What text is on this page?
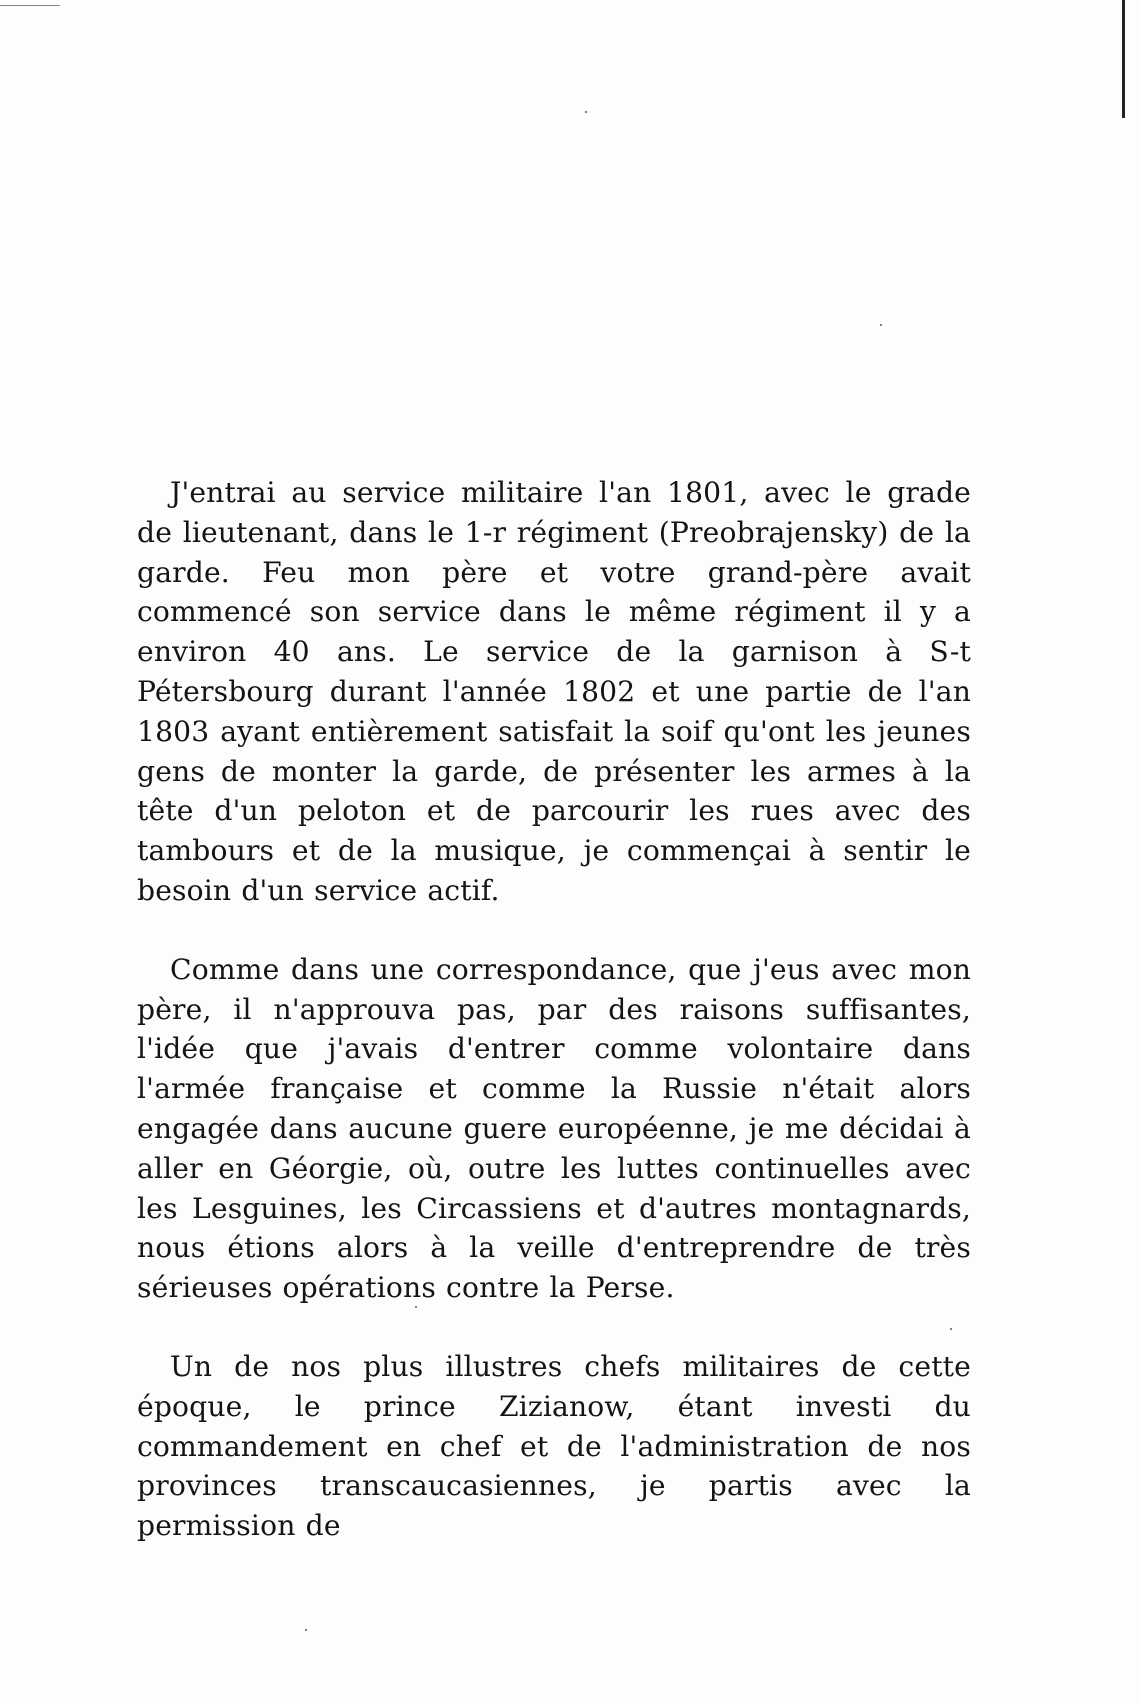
J'entrai au service militaire l'an 1801, avec le grade de lieutenant, dans le 1-r régiment (Preobrajensky) de la garde. Feu mon père et votre grand-père avait commencé son service dans le même régiment il y a environ 40 ans. Le service de la garnison à S-t Pétersbourg durant l'année 1802 et une partie de l'an 1803 ayant entièrement satisfait la soif qu'ont les jeunes gens de monter la garde, de présenter les armes à la tête d'un peloton et de parcourir les rues avec des tambours et de la musique, je commençai à sentir le besoin d'un service actif.

Comme dans une correspondance, que j'eus avec mon père, il n'approuva pas, par des raisons suffisantes, l'idée que j'avais d'entrer comme volontaire dans l'armée française et comme la Russie n'était alors engagée dans aucune guere européenne, je me décidai à aller en Géorgie, où, outre les luttes continuelles avec les Lesguines, les Circassiens et d'autres montagnards, nous étions alors à la veille d'entreprendre de très sérieuses opérations contre la Perse.

Un de nos plus illustres chefs militaires de cette époque, le prince Zizianow, étant investi du commandement en chef et de l'administration de nos provinces transcaucasiennes, je partis avec la permission de
